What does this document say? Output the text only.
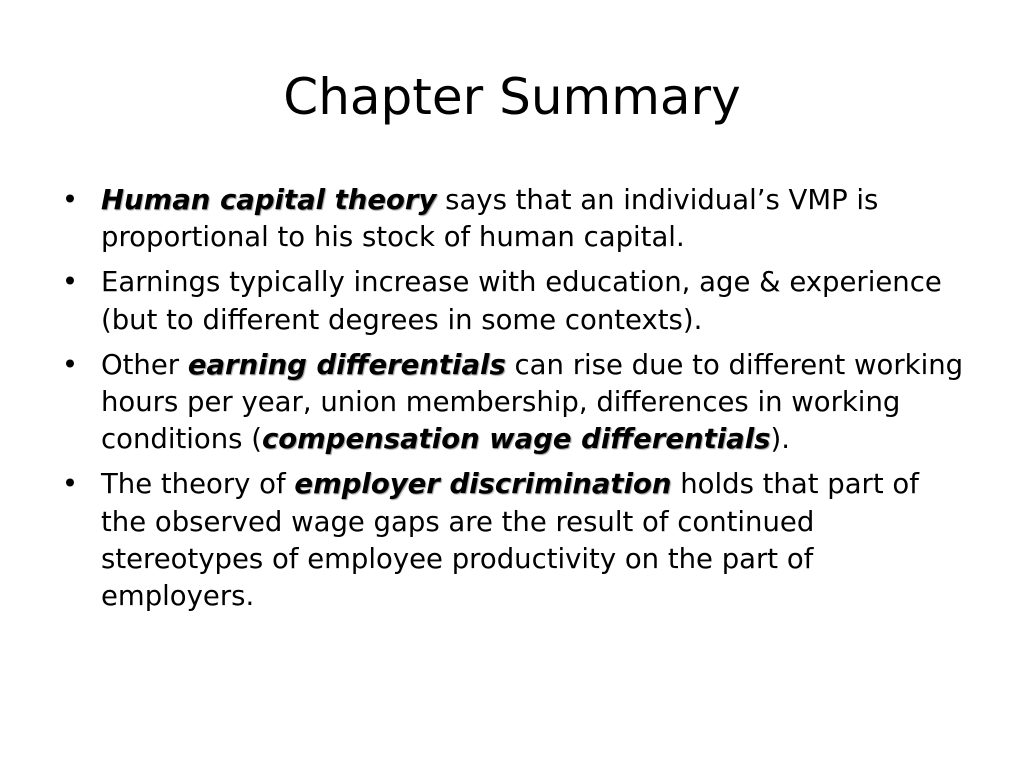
Chapter Summary
• Human capital theory says that an individual’s VMP is proportional to his stock of human capital.
• Earnings typically increase with education, age & experience (but to different degrees in some contexts).
• Other earning differentials can rise due to different working hours per year, union membership, differences in working conditions (compensation wage differentials).
• The theory of employer discrimination holds that part of the observed wage gaps are the result of continued stereotypes of employee productivity on the part of employers.
